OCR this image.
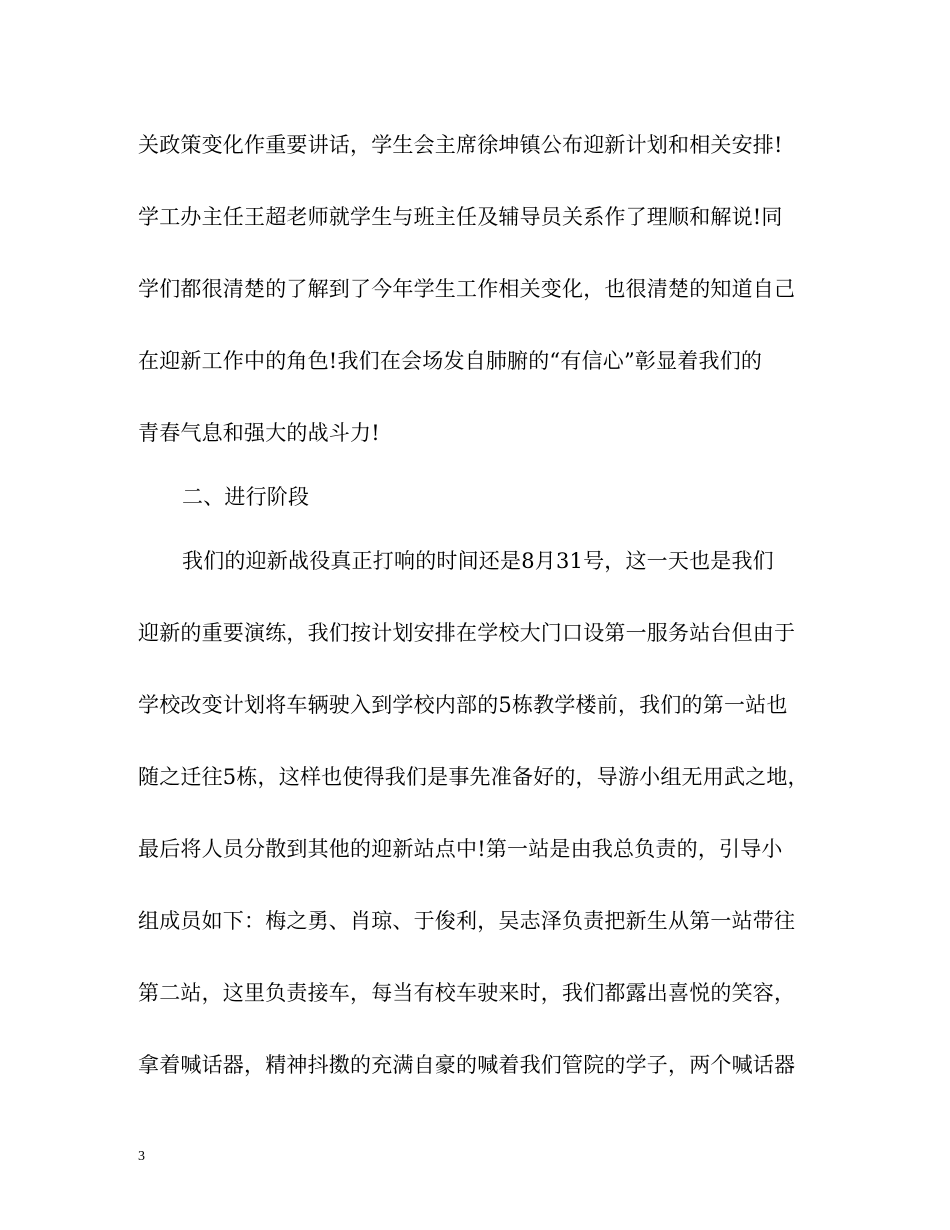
关政策变化作重要讲话，学生会主席徐坤镇公布迎新计划和相关安排!
学工办主任王超老师就学生与班主任及辅导员关系作了理顺和解说!同
学们都很清楚的了解到了今年学生工作相关变化，也很清楚的知道自己
在迎新工作中的角色!我们在会场发自肺腑的“有信心”彰显着我们的
青春气息和强大的战斗力!
二、进行阶段
我们的迎新战役真正打响的时间还是8月31号，这一天也是我们
迎新的重要演练，我们按计划安排在学校大门口设第一服务站台但由于
学校改变计划将车辆驶入到学校内部的5栋教学楼前，我们的第一站也
随之迁往5栋，这样也使得我们是事先准备好的，导游小组无用武之地，
最后将人员分散到其他的迎新站点中!第一站是由我总负责的，引导小
组成员如下：梅之勇、肖琼、于俊利，吴志泽负责把新生从第一站带往
第二站，这里负责接车，每当有校车驶来时，我们都露出喜悦的笑容，
拿着喊话器，精神抖擞的充满自豪的喊着我们管院的学子，两个喊话器
3
